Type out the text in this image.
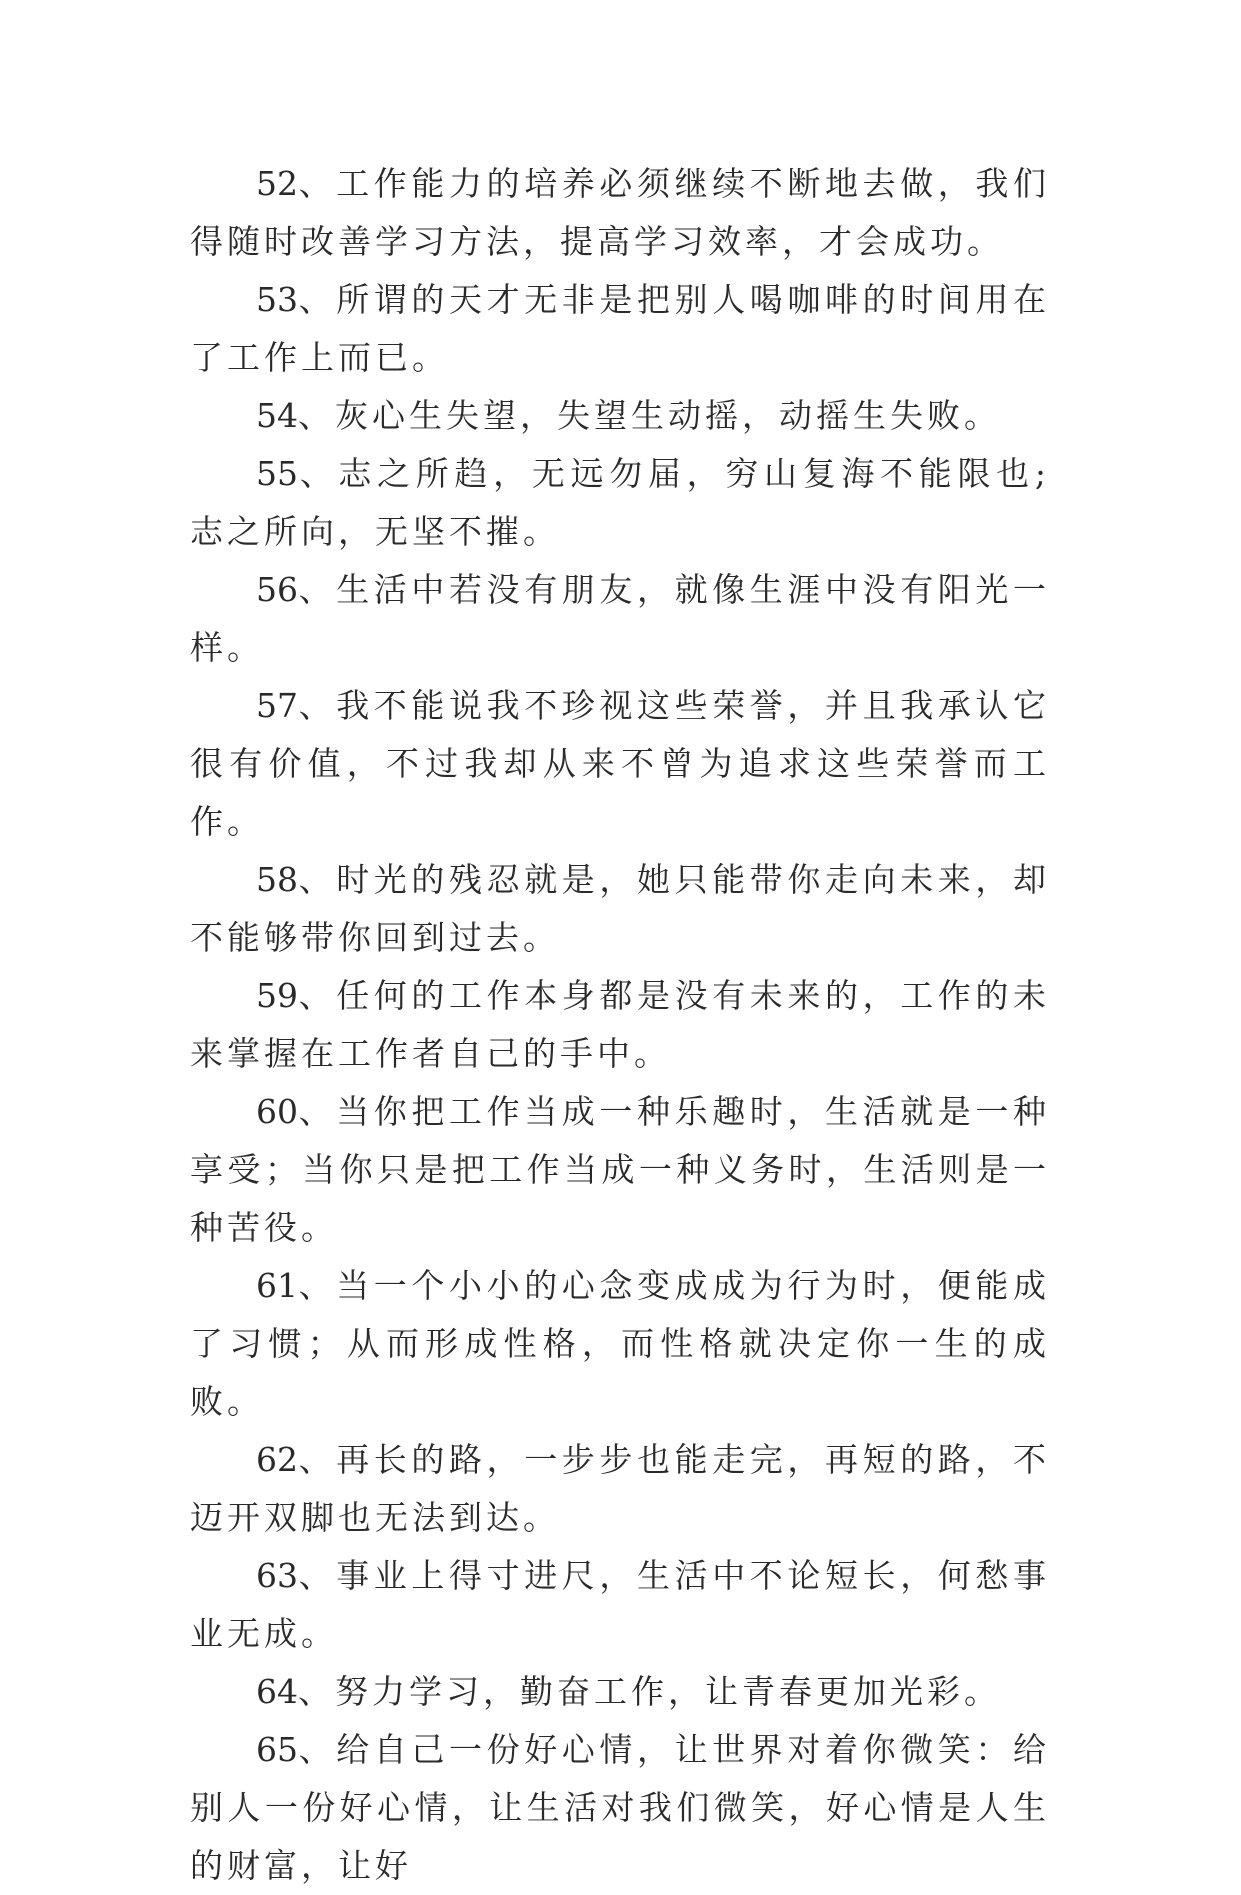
52、工作能力的培养必须继续不断地去做，我们得随时改善学习方法，提高学习效率，才会成功。

53、所谓的天才无非是把别人喝咖啡的时间用在了工作上而已。

54、灰心生失望，失望生动摇，动摇生失败。

55、志之所趋，无远勿届，穷山复海不能限也;志之所向，无坚不摧。

56、生活中若没有朋友，就像生涯中没有阳光一样。

57、我不能说我不珍视这些荣誉，并且我承认它很有价值，不过我却从来不曾为追求这些荣誉而工作。

58、时光的残忍就是，她只能带你走向未来，却不能够带你回到过去。

59、任何的工作本身都是没有未来的，工作的未来掌握在工作者自己的手中。

60、当你把工作当成一种乐趣时，生活就是一种享受；当你只是把工作当成一种义务时，生活则是一种苦役。

61、当一个小小的心念变成成为行为时，便能成了习惯；从而形成性格，而性格就决定你一生的成败。

62、再长的路，一步步也能走完，再短的路，不迈开双脚也无法到达。

63、事业上得寸进尺，生活中不论短长，何愁事业无成。

64、努力学习，勤奋工作，让青春更加光彩。

65、给自己一份好心情，让世界对着你微笑：给别人一份好心情，让生活对我们微笑，好心情是人生的财富，让好
